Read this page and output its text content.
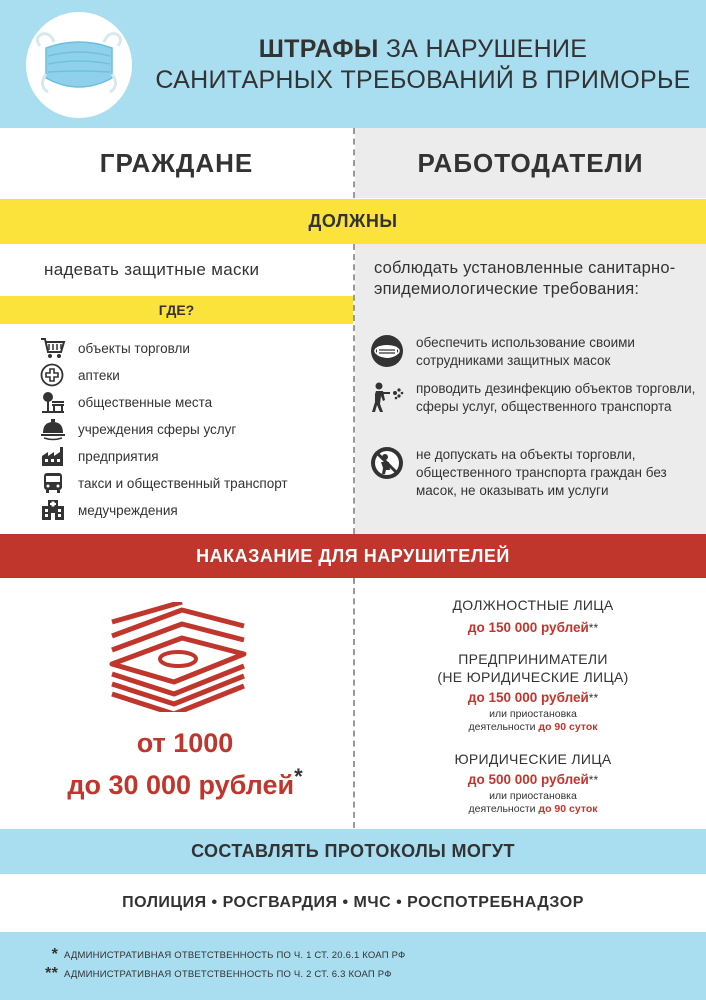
ШТРАФЫ ЗА НАРУШЕНИЕ
САНИТАРНЫХ ТРЕБОВАНИЙ В ПРИМОРЬЕ
ГРАЖДАНЕ	РАБОТОДАТЕЛИ
ДОЛЖНЫ
надевать защитные маски
ГДЕ?
объекты торговли
аптеки
общественные места
учреждения сферы услуг
предприятия
такси и общественный транспорт
медучреждения
соблюдать установленные санитарно-эпидемиологические требования:
обеспечить использование своими сотрудниками защитных масок
проводить дезинфекцию объектов торговли, сферы услуг, общественного транспорта
не допускать на объекты торговли, общественного транспорта граждан без масок, не оказывать им услуги
НАКАЗАНИЕ ДЛЯ НАРУШИТЕЛЕЙ
от 1000
до 30 000 рублей*
ДОЛЖНОСТНЫЕ ЛИЦА
до 150 000 рублей**
ПРЕДПРИНИМАТЕЛИ
(НЕ ЮРИДИЧЕСКИЕ ЛИЦА)
до 150 000 рублей**
или приостановка
деятельности до 90 суток
ЮРИДИЧЕСКИЕ ЛИЦА
до 500 000 рублей**
или приостановка
деятельности до 90 суток
СОСТАВЛЯТЬ ПРОТОКОЛЫ МОГУТ
ПОЛИЦИЯ • РОСГВАРДИЯ • МЧС • РОСПОТРЕБНАДЗОР
* АДМИНИСТРАТИВНАЯ ОТВЕТСТВЕННОСТЬ ПО Ч. 1 СТ. 20.6.1 КОАП РФ
** АДМИНИСТРАТИВНАЯ ОТВЕТСТВЕННОСТЬ ПО Ч. 2 СТ. 6.3 КОАП РФ
